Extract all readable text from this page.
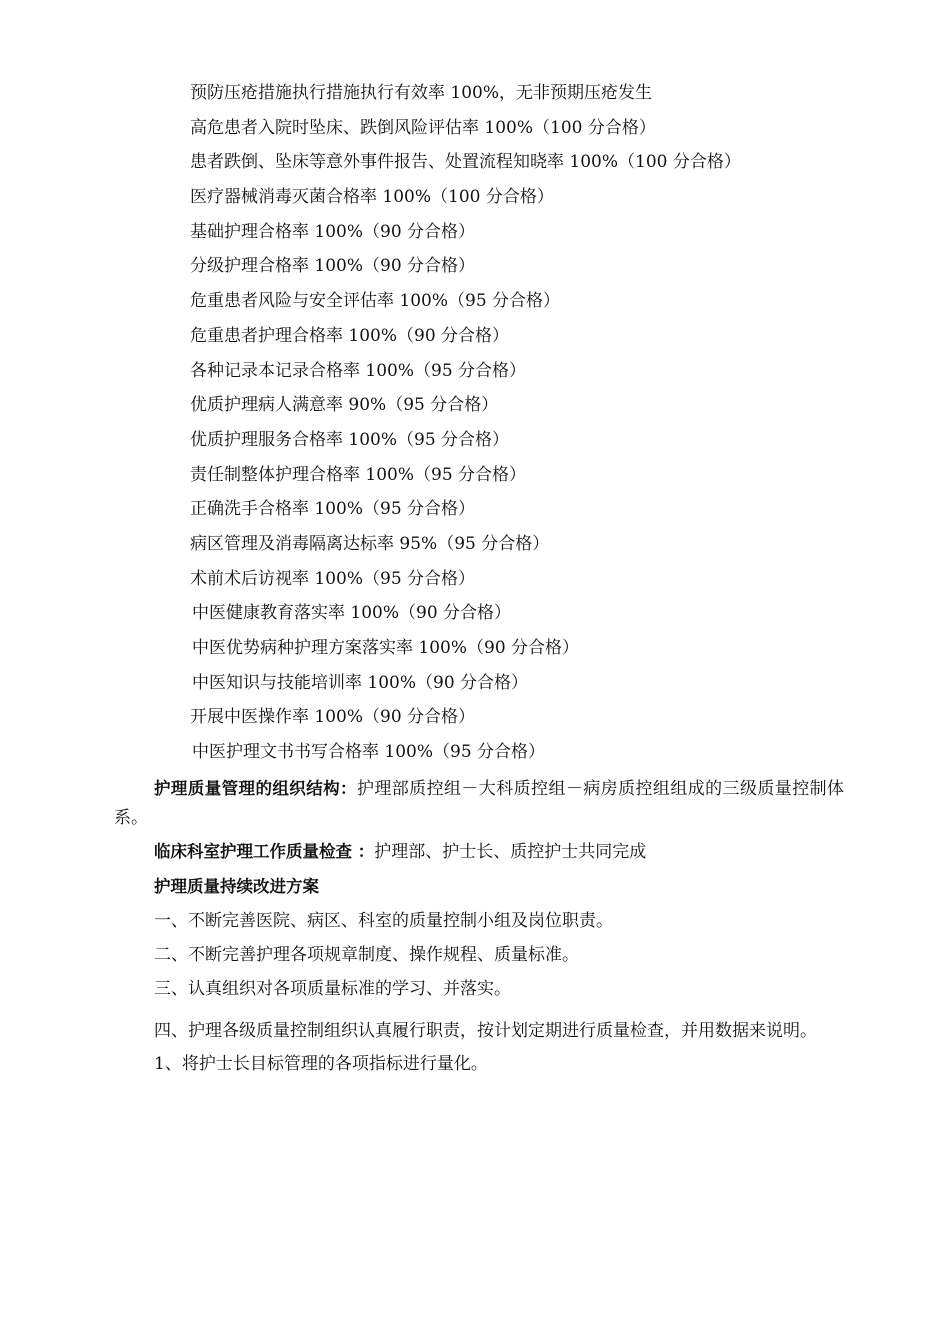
预防压疮措施执行措施执行有效率 100%，无非预期压疮发生
高危患者入院时坠床、跌倒风险评估率 100%（100 分合格）
患者跌倒、坠床等意外事件报告、处置流程知晓率 100%（100 分合格）
医疗器械消毒灭菌合格率 100%（100 分合格）
基础护理合格率 100%（90 分合格）
分级护理合格率 100%（90 分合格）
危重患者风险与安全评估率 100%（95 分合格）
危重患者护理合格率 100%（90 分合格）
各种记录本记录合格率 100%（95 分合格）
优质护理病人满意率 90%（95 分合格）
优质护理服务合格率 100%（95 分合格）
责任制整体护理合格率 100%（95 分合格）
正确洗手合格率 100%（95 分合格）
病区管理及消毒隔离达标率 95%（95 分合格）
术前术后访视率 100%（95 分合格）
中医健康教育落实率 100%（90 分合格）
中医优势病种护理方案落实率 100%（90 分合格）
中医知识与技能培训率 100%（90 分合格）
开展中医操作率 100%（90 分合格）
中医护理文书书写合格率 100%（95 分合格）

护理质量管理的组织结构：护理部质控组－大科质控组－病房质控组组成的三级质量控制体系。

临床科室护理工作质量检查 ：护理部、护士长、质控护士共同完成

护理质量持续改进方案

一、不断完善医院、病区、科室的质量控制小组及岗位职责。

二、不断完善护理各项规章制度、操作规程、质量标准。

三、认真组织对各项质量标准的学习、并落实。

四、护理各级质量控制组织认真履行职责，按计划定期进行质量检查，并用数据来说明。

1、将护士长目标管理的各项指标进行量化。
